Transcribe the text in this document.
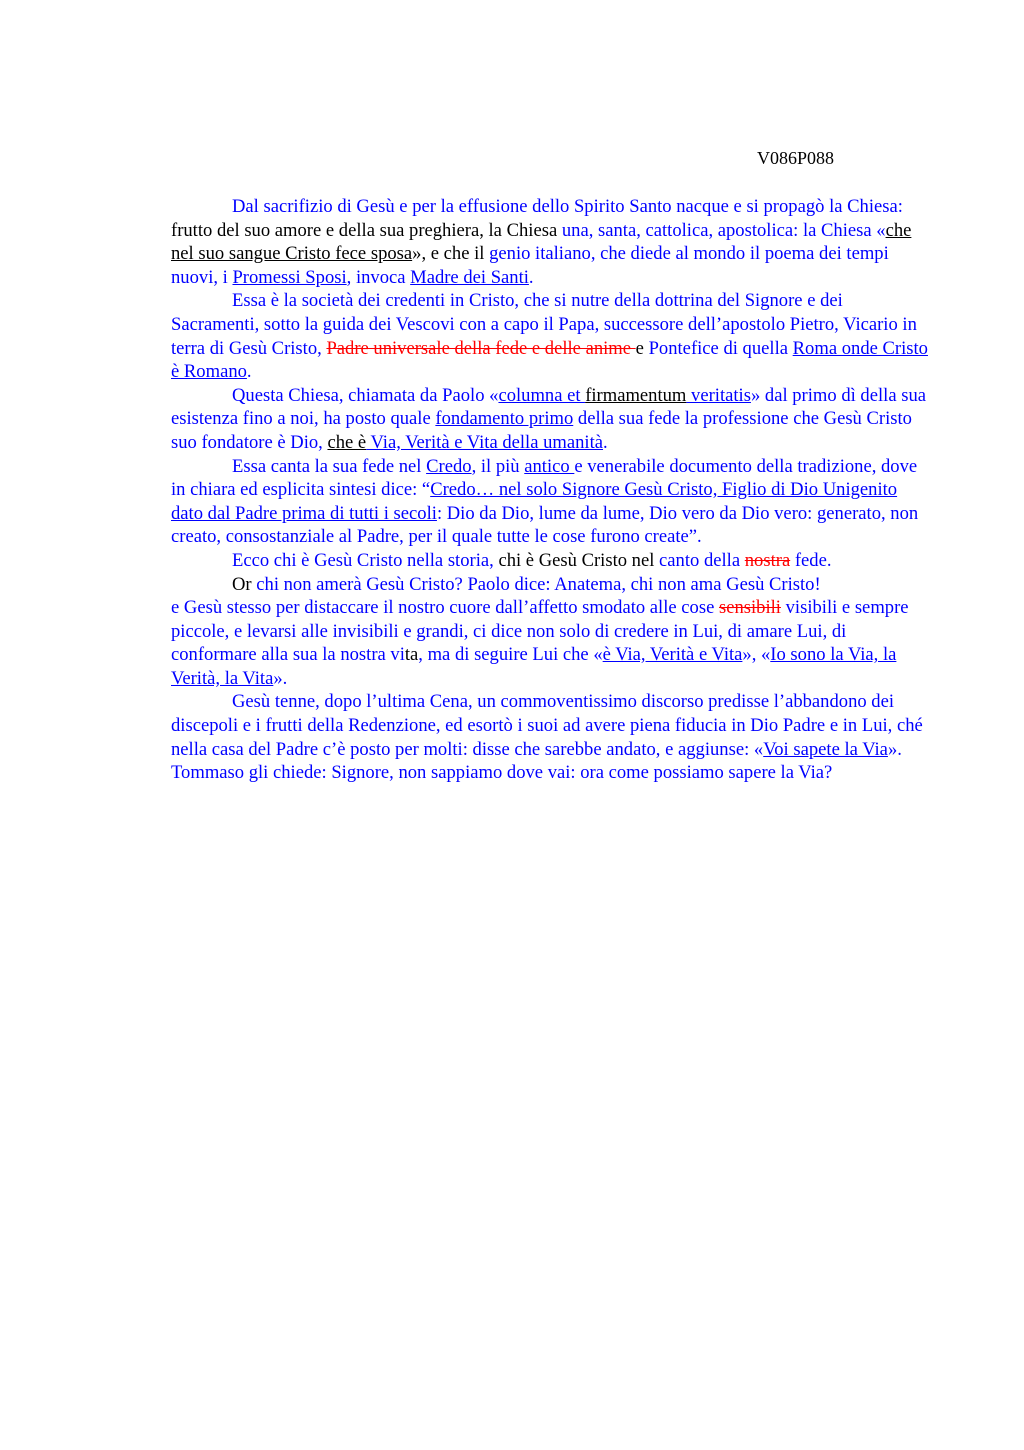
V086P088

Dal sacrifizio di Gesù e per la effusione dello Spirito Santo nacque e si propagò la Chiesa: frutto del suo amore e della sua preghiera, la Chiesa una, santa, cattolica, apostolica: la Chiesa «che nel suo sangue Cristo fece sposa», e che il genio italiano, che diede al mondo il poema dei tempi nuovi, i Promessi Sposi, invoca Madre dei Santi.

Essa è la società dei credenti in Cristo, che si nutre della dottrina del Signore e dei Sacramenti, sotto la guida dei Vescovi con a capo il Papa, successore dell’apostolo Pietro, Vicario in terra di Gesù Cristo, Padre universale della fede e delle anime e Pontefice di quella Roma onde Cristo è Romano.

Questa Chiesa, chiamata da Paolo «columna et firmamentum veritatis» dal primo dì della sua esistenza fino a noi, ha posto quale fondamento primo della sua fede la professione che Gesù Cristo suo fondatore è Dio, che è Via, Verità e Vita della umanità.

Essa canta la sua fede nel Credo, il più antico e venerabile documento della tradizione, dove in chiara ed esplicita sintesi dice: “Credo… nel solo Signore Gesù Cristo, Figlio di Dio Unigenito dato dal Padre prima di tutti i secoli: Dio da Dio, lume da lume, Dio vero da Dio vero: generato, non creato, consostanziale al Padre, per il quale tutte le cose furono create”.

Ecco chi è Gesù Cristo nella storia, chi è Gesù Cristo nel canto della nostra fede.

Or chi non amerà Gesù Cristo? Paolo dice: Anatema, chi non ama Gesù Cristo!

e Gesù stesso per distaccare il nostro cuore dall’affetto smodato alle cose sensibili visibili e sempre piccole, e levarsi alle invisibili e grandi, ci dice non solo di credere in Lui, di amare Lui, di conformare alla sua la nostra vita, ma di seguire Lui che «è Via, Verità e Vita», «Io sono la Via, la Verità, la Vita».

Gesù tenne, dopo l’ultima Cena, un commoventissimo discorso predisse l’abbandono dei discepoli e i frutti della Redenzione, ed esortò i suoi ad avere piena fiducia in Dio Padre e in Lui, ché nella casa del Padre c’è posto per molti: disse che sarebbe andato, e aggiunse: «Voi sapete la Via». Tommaso gli chiede: Signore, non sappiamo dove vai: ora come possiamo sapere la Via?
